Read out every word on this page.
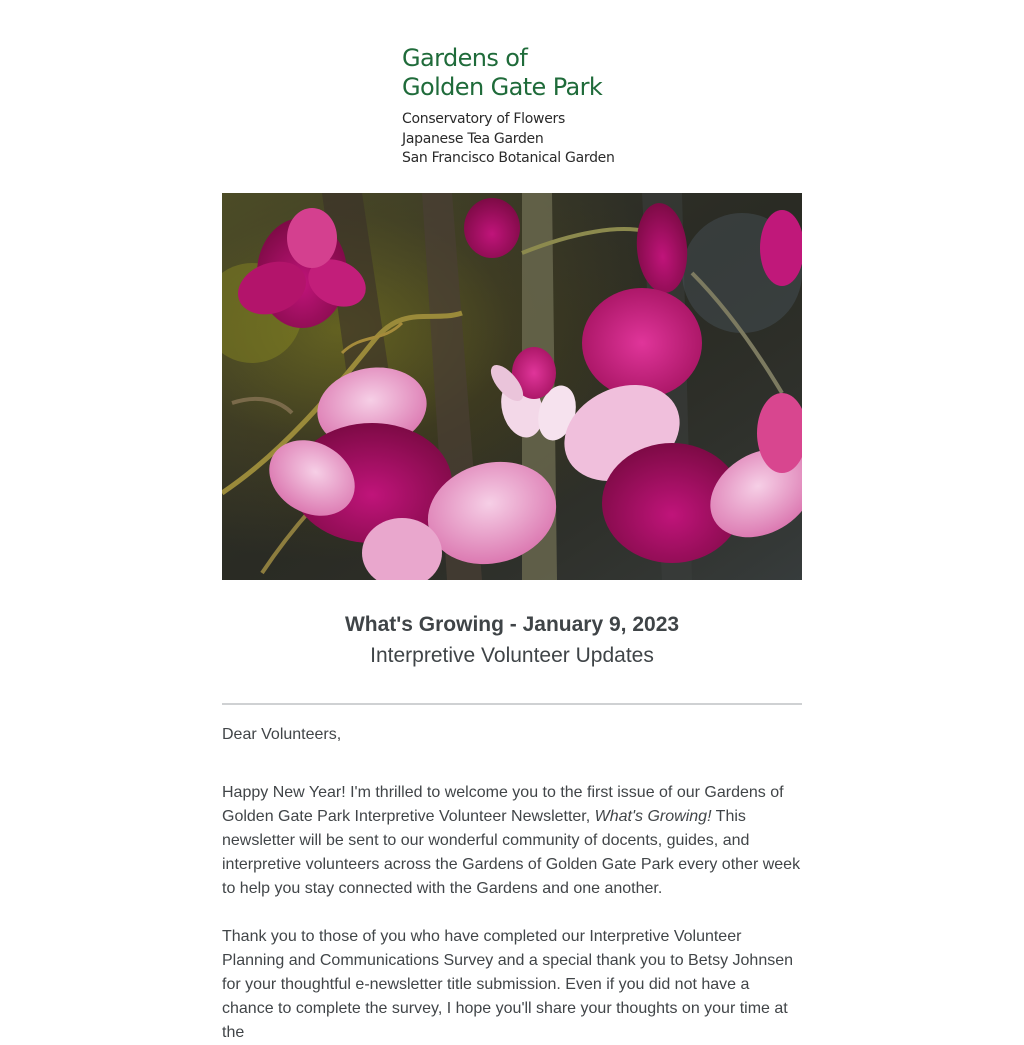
Gardens of
Golden Gate Park
Conservatory of Flowers
Japanese Tea Garden
San Francisco Botanical Garden
What's Growing - January 9, 2023
Interpretive Volunteer Updates

Dear Volunteers,

Happy New Year! I'm thrilled to welcome you to the first issue of our Gardens of Golden Gate Park Interpretive Volunteer Newsletter, What's Growing! This newsletter will be sent to our wonderful community of docents, guides, and interpretive volunteers across the Gardens of Golden Gate Park every other week to help you stay connected with the Gardens and one another.

Thank you to those of you who have completed our Interpretive Volunteer Planning and Communications Survey and a special thank you to Betsy Johnsen for your thoughtful e-newsletter title submission. Even if you did not have a chance to complete the survey, I hope you'll share your thoughts on your time at the
